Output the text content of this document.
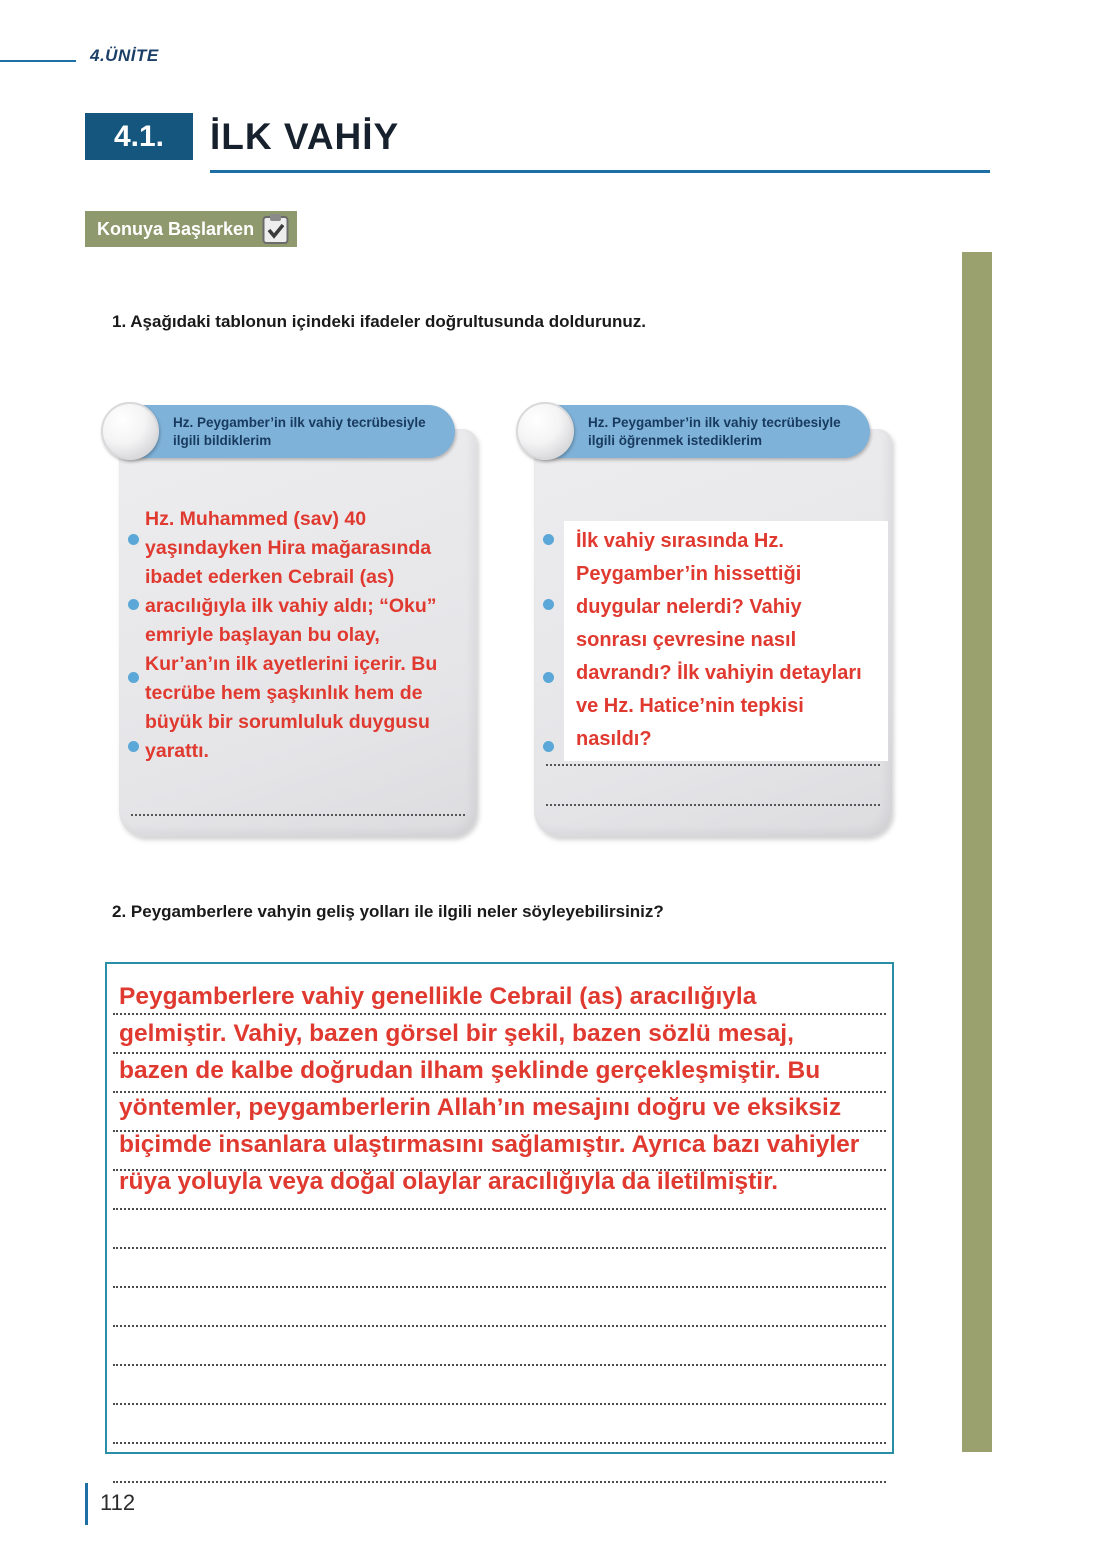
4.ÜNİTE
4.1. İLK VAHİY
Konuya Başlarken
1. Aşağıdaki tablonun içindeki ifadeler doğrultusunda doldurunuz.
Hz. Muhammed (sav) 40 yaşındayken Hira mağarasında ibadet ederken Cebrail (as) aracılığıyla ilk vahiy aldı; “Oku” emriyle başlayan bu olay, Kur’an’ın ilk ayetlerini içerir. Bu tecrübe hem şaşkınlık hem de büyük bir sorumluluk duygusu yarattı.
Hz. Peygamber’in ilk vahiy tecrübesiyle ilgili bildiklerim
İlk vahiy sırasında Hz. Peygamber’in hissettiği duygular nelerdi? Vahiy sonrası çevresine nasıl davrandı? İlk vahiyin detayları ve Hz. Hatice’nin tepkisi nasıldı?
Hz. Peygamber’in ilk vahiy tecrübesiyle ilgili öğrenmek istediklerim
2. Peygamberlere vahyin geliş yolları ile ilgili neler söyleyebilirsiniz?
Peygamberlere vahiy genellikle Cebrail (as) aracılığıyla gelmiştir. Vahiy, bazen görsel bir şekil, bazen sözlü mesaj, bazen de kalbe doğrudan ilham şeklinde gerçekleşmiştir. Bu yöntemler, peygamberlerin Allah’ın mesajını doğru ve eksiksiz biçimde insanlara ulaştırmasını sağlamıştır. Ayrıca bazı vahiyler rüya yoluyla veya doğal olaylar aracılığıyla da iletilmiştir.
112
